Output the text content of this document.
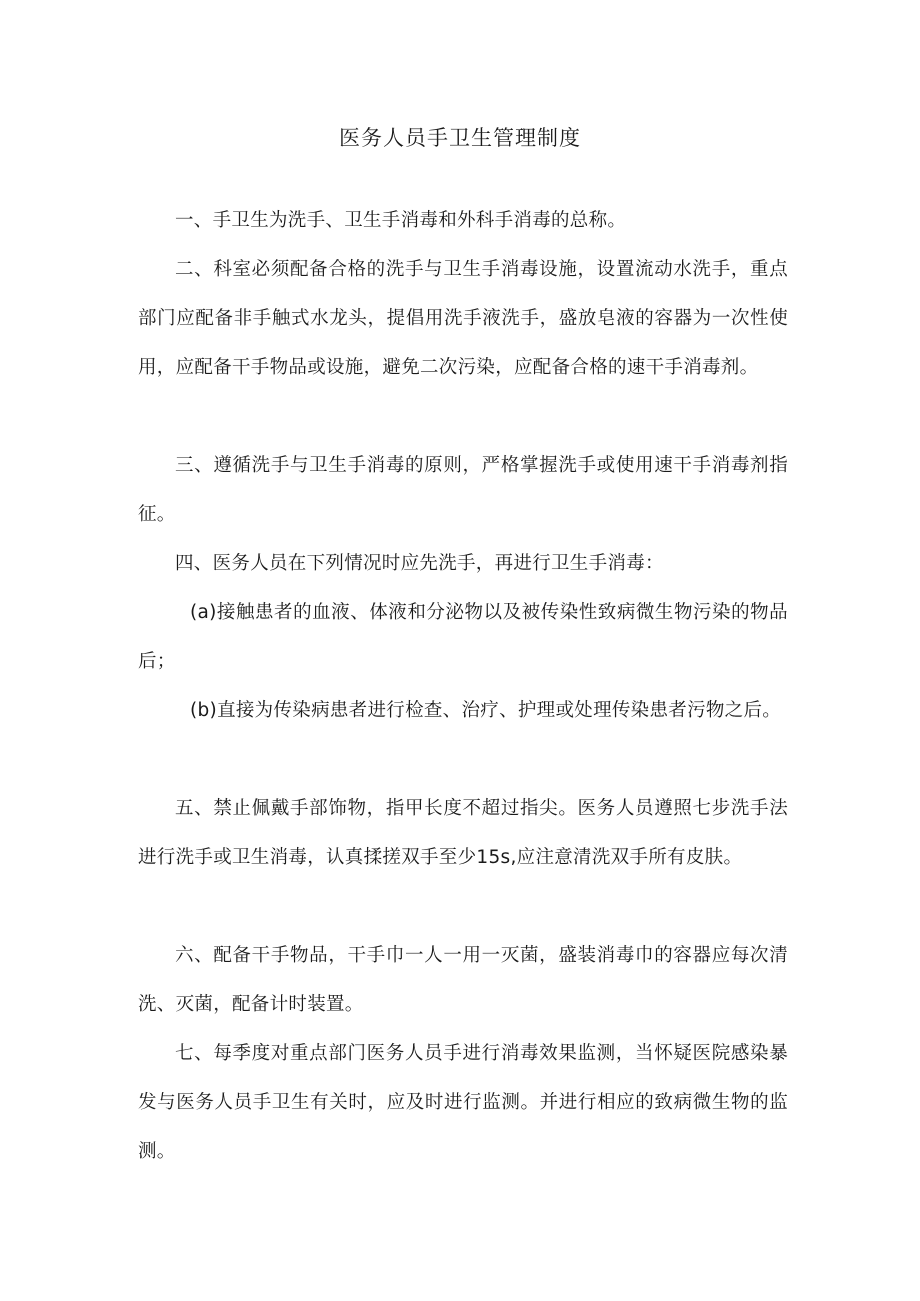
医务人员手卫生管理制度

一、手卫生为洗手、卫生手消毒和外科手消毒的总称。

二、科室必须配备合格的洗手与卫生手消毒设施，设置流动水洗手，重点部门应配备非手触式水龙头，提倡用洗手液洗手，盛放皂液的容器为一次性使用，应配备干手物品或设施，避免二次污染，应配备合格的速干手消毒剂。

三、遵循洗手与卫生手消毒的原则，严格掌握洗手或使用速干手消毒剂指征。

四、医务人员在下列情况时应先洗手，再进行卫生手消毒：

(a)接触患者的血液、体液和分泌物以及被传染性致病微生物污染的物品后；

(b)直接为传染病患者进行检查、治疗、护理或处理传染患者污物之后。

五、禁止佩戴手部饰物，指甲长度不超过指尖。医务人员遵照七步洗手法进行洗手或卫生消毒，认真揉搓双手至少15s,应注意清洗双手所有皮肤。

六、配备干手物品，干手巾一人一用一灭菌，盛装消毒巾的容器应每次清洗、灭菌，配备计时装置。

七、每季度对重点部门医务人员手进行消毒效果监测，当怀疑医院感染暴发与医务人员手卫生有关时，应及时进行监测。并进行相应的致病微生物的监测。
